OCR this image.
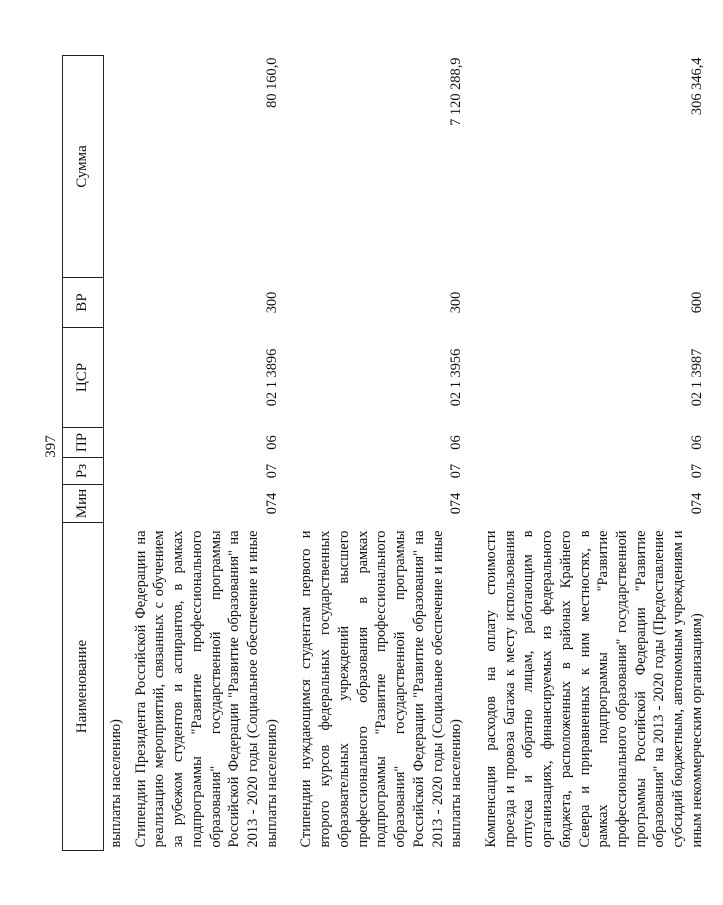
397
Наименование	Мин	Рз	ПР	ЦСР	ВР	Сумма
выплаты населению)						
Стипендии Президента Российской Федерации на реализацию мероприятий, связанных с обучением за рубежом студентов и аспирантов, в рамках подпрограммы "Развитие профессионального образования" государственной программы Российской Федерации "Развитие образования" на 2013 - 2020 годы (Социальное обеспечение и иные выплаты населению)	074	07	06	02 1 3896	300	80 160,0
Стипендии нуждающимся студентам первого и второго курсов федеральных государственных образовательных учреждений высшего профессионального образования в рамках подпрограммы "Развитие профессионального образования" государственной программы Российской Федерации "Развитие образования" на 2013 - 2020 годы (Социальное обеспечение и иные выплаты населению)	074	07	06	02 1 3956	300	7 120 288,9
Компенсация расходов на оплату стоимости проезда и провоза багажа к месту использования отпуска и обратно лицам, работающим в организациях, финансируемых из федерального бюджета, расположенных в районах Крайнего Севера и приравненных к ним местностях, в рамках подпрограммы "Развитие профессионального образования" государственной программы Российской Федерации "Развитие образования" на 2013 - 2020 годы (Предоставление субсидий бюджетным, автономным учреждениям и иным некоммерческим организациям)	074	07	06	02 1 3987	600	306 346,4
